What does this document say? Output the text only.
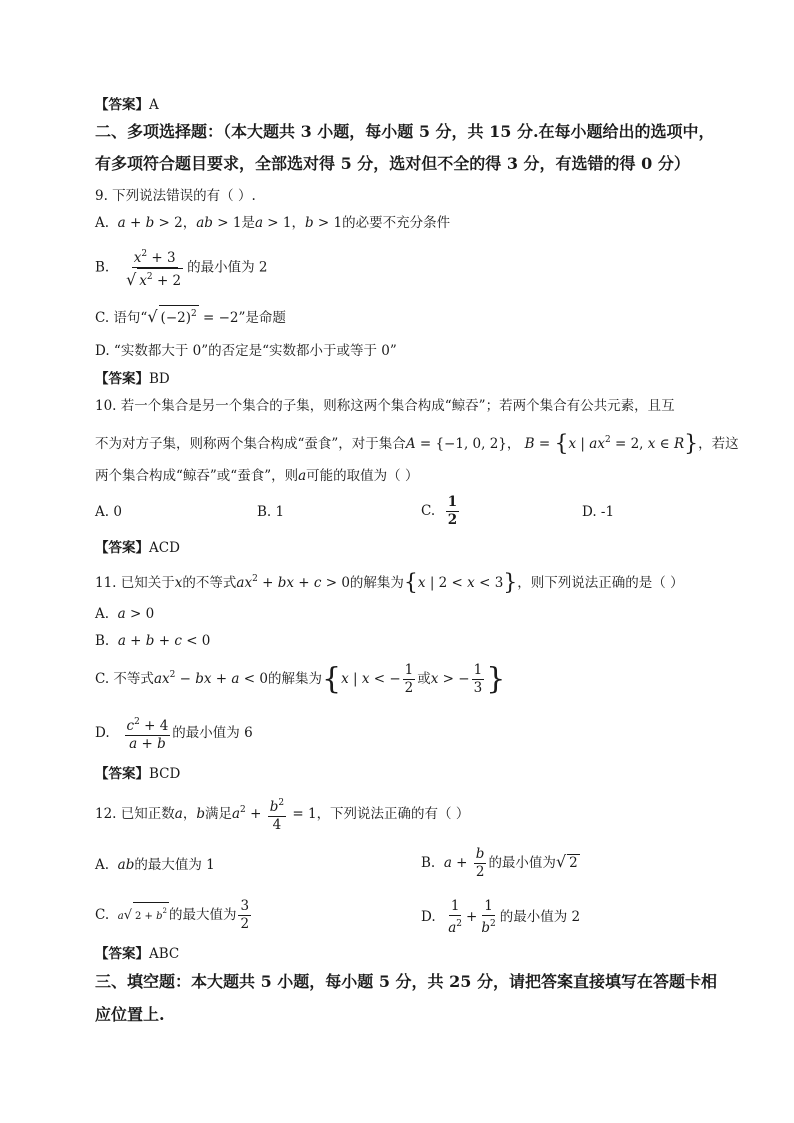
【答案】A
二、多项选择题：（本大题共 3 小题，每小题 5 分，共 15 分.在每小题给出的选项中，
有多项符合题目要求，全部选对得 5 分，选对但不全的得 3 分，有选错的得 0 分）
9. 下列说法错误的有（ ）.
A. a + b > 2，ab > 1是a > 1，b > 1的必要不充分条件
B. $\frac{x^2 + 3}{√ x^2 + 2}$ 的最小值为 2
C. 语句“√ $(-2)^2 = -2$”是命题
D. “实数都大于 0”的否定是“实数都小于或等于 0”
【答案】BD
10. 若一个集合是另一个集合的子集，则称这两个集合构成“鲸吞”；若两个集合有公共元素，且互
不为对方子集，则称两个集合构成“蚕食”，对于集合A = {−1, 0, 2}， B = {x | $ax^2 = 2$, x ∈ R}，若这
两个集合构成“鲸吞”或“蚕食”，则a可能的取值为（ ）
A. 0	B. 1	C. $\frac{1}{2}$	D. -1
【答案】ACD
11. 已知关于x的不等式$ax^2$ + bx + c > 0的解集为{x | 2 < x < 3}，则下列说法正确的是（ ）
A. a > 0
B. a + b + c < 0
C. 不等式$ax^2$ − bx + a < 0的解集为{x | x < − $\frac{1}{2}$ 或x > − $\frac{1}{3}$ }
D. $\frac{c^2 + 4}{a + b}$ 的最小值为 6
【答案】BCD
12. 已知正数a，b满足$a^2 + \frac{b^2}{4} = 1$，下列说法正确的有（ ）
A. ab的最大值为 1	B. $a + \frac{b}{2}$ 的最小值为√ 2
C. a√ $2 + b^2$ 的最大值为 $\frac{3}{2}$	D. $\frac{1}{a^2} + \frac{1}{b^2}$ 的最小值为 2
【答案】ABC
三、填空题：本大题共 5 小题，每小题 5 分，共 25 分，请把答案直接填写在答题卡相
应位置上.
